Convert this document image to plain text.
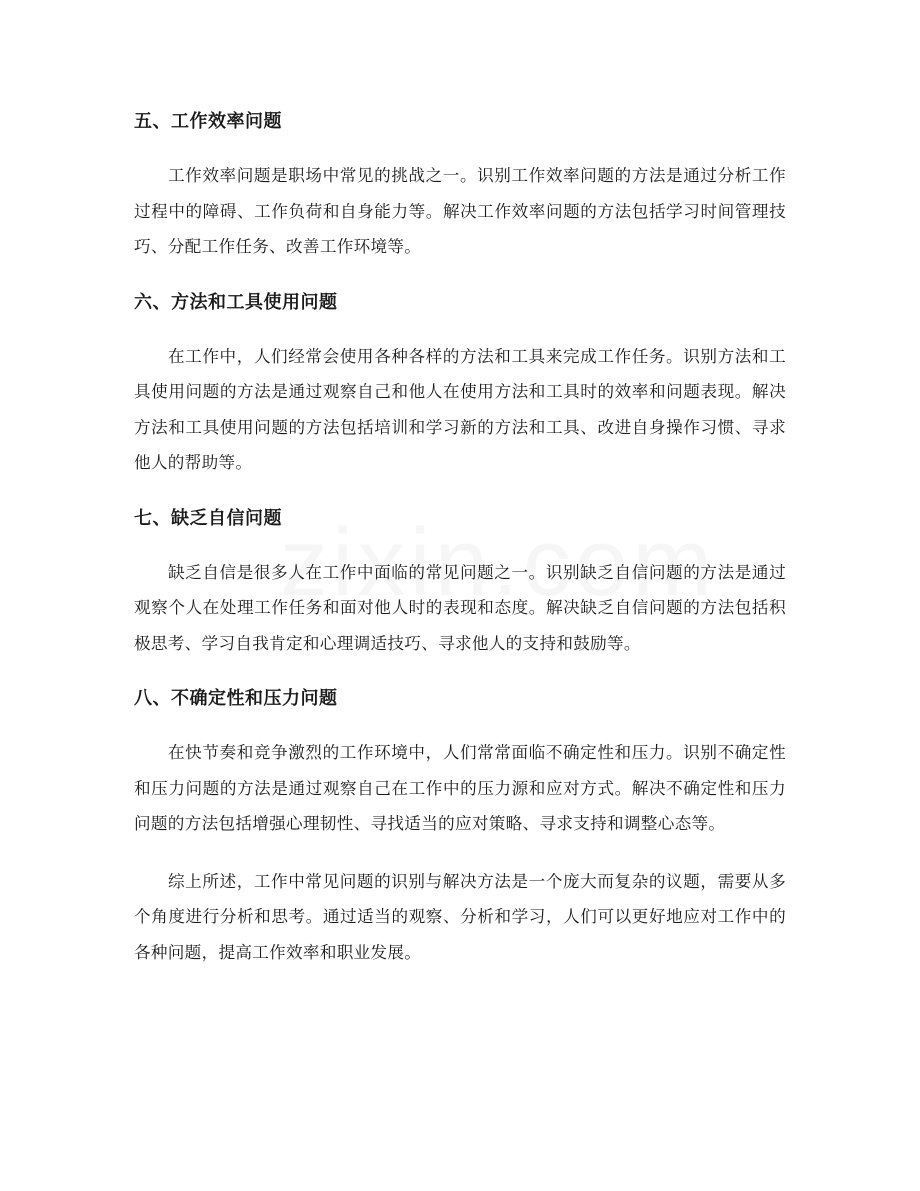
五、工作效率问题

工作效率问题是职场中常见的挑战之一。识别工作效率问题的方法是通过分析工作过程中的障碍、工作负荷和自身能力等。解决工作效率问题的方法包括学习时间管理技巧、分配工作任务、改善工作环境等。

六、方法和工具使用问题

在工作中，人们经常会使用各种各样的方法和工具来完成工作任务。识别方法和工具使用问题的方法是通过观察自己和他人在使用方法和工具时的效率和问题表现。解决方法和工具使用问题的方法包括培训和学习新的方法和工具、改进自身操作习惯、寻求他人的帮助等。

七、缺乏自信问题

缺乏自信是很多人在工作中面临的常见问题之一。识别缺乏自信问题的方法是通过观察个人在处理工作任务和面对他人时的表现和态度。解决缺乏自信问题的方法包括积极思考、学习自我肯定和心理调适技巧、寻求他人的支持和鼓励等。

八、不确定性和压力问题

在快节奏和竞争激烈的工作环境中，人们常常面临不确定性和压力。识别不确定性和压力问题的方法是通过观察自己在工作中的压力源和应对方式。解决不确定性和压力问题的方法包括增强心理韧性、寻找适当的应对策略、寻求支持和调整心态等。

综上所述，工作中常见问题的识别与解决方法是一个庞大而复杂的议题，需要从多个角度进行分析和思考。通过适当的观察、分析和学习，人们可以更好地应对工作中的各种问题，提高工作效率和职业发展。
